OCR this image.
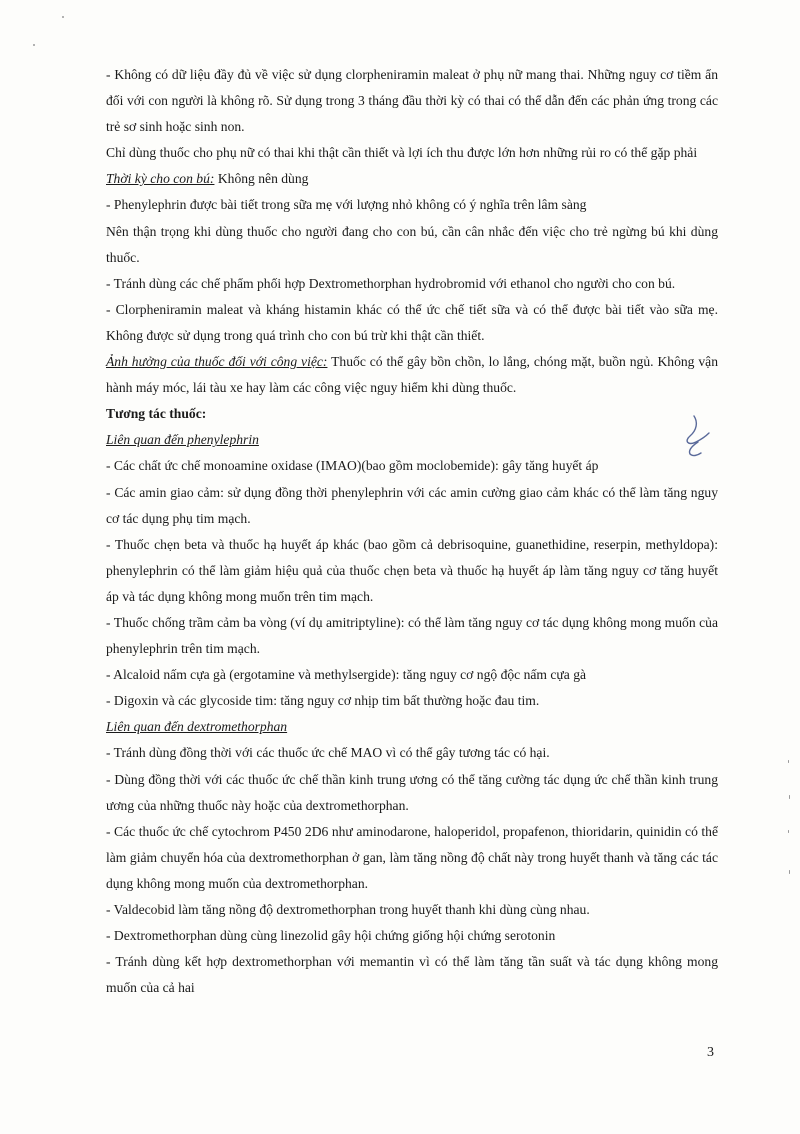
- Không có dữ liệu đầy đủ về việc sử dụng clorpheniramin maleat ở phụ nữ mang thai. Những nguy cơ tiềm ẩn đối với con người là không rõ. Sử dụng trong 3 tháng đầu thời kỳ có thai có thể dẫn đến các phản ứng trong các trẻ sơ sinh hoặc sinh non.

Chỉ dùng thuốc cho phụ nữ có thai khi thật cần thiết và lợi ích thu được lớn hơn những rủi ro có thể gặp phải

Thời kỳ cho con bú: Không nên dùng

- Phenylephrin được bài tiết trong sữa mẹ với lượng nhỏ không có ý nghĩa trên lâm sàng

Nên thận trọng khi dùng thuốc cho người đang cho con bú, cần cân nhắc đến việc cho trẻ ngừng bú khi dùng thuốc.

- Tránh dùng các chế phẩm phối hợp Dextromethorphan hydrobromid với ethanol cho người cho con bú.

- Clorpheniramin maleat và kháng histamin khác có thể ức chế tiết sữa và có thể được bài tiết vào sữa mẹ. Không được sử dụng trong quá trình cho con bú trừ khi thật cần thiết.

Ảnh hưởng của thuốc đối với công việc: Thuốc có thể gây bồn chồn, lo lắng, chóng mặt, buồn ngủ. Không vận hành máy móc, lái tàu xe hay làm các công việc nguy hiểm khi dùng thuốc.

Tương tác thuốc:

Liên quan đến phenylephrin

- Các chất ức chế monoamine oxidase (IMAO)(bao gồm moclobemide): gây tăng huyết áp

- Các amin giao cảm: sử dụng đồng thời phenylephrin với các amin cường giao cảm khác có thể làm tăng nguy cơ tác dụng phụ tim mạch.

- Thuốc chẹn beta và thuốc hạ huyết áp khác (bao gồm cả debrisoquine, guanethidine, reserpin, methyldopa): phenylephrin có thể làm giảm hiệu quả của thuốc chẹn beta và thuốc hạ huyết áp làm tăng nguy cơ tăng huyết áp và tác dụng không mong muốn trên tim mạch.

- Thuốc chống trầm cảm ba vòng (ví dụ amitriptyline): có thể làm tăng nguy cơ tác dụng không mong muốn của phenylephrin trên tim mạch.

- Alcaloid nấm cựa gà (ergotamine và methylsergide): tăng nguy cơ ngộ độc nấm cựa gà

- Digoxin và các glycoside tim: tăng nguy cơ nhịp tim bất thường hoặc đau tim.

Liên quan đến dextromethorphan

- Tránh dùng đồng thời với các thuốc ức chế MAO vì có thể gây tương tác có hại.

- Dùng đồng thời với các thuốc ức chế thần kinh trung ương có thể tăng cường tác dụng ức chế thần kinh trung ương của những thuốc này hoặc của dextromethorphan.

- Các thuốc ức chế cytochrom P450 2D6 như aminodarone, haloperidol, propafenon, thioridarin, quinidin có thể làm giảm chuyển hóa của dextromethorphan ở gan, làm tăng nồng độ chất này trong huyết thanh và tăng các tác dụng không mong muốn của dextromethorphan.

- Valdecobid làm tăng nồng độ dextromethorphan trong huyết thanh khi dùng cùng nhau.

- Dextromethorphan dùng cùng linezolid gây hội chứng giống hội chứng serotonin

- Tránh dùng kết hợp dextromethorphan với memantin vì có thể làm tăng tần suất và tác dụng không mong muốn của cả hai

3
